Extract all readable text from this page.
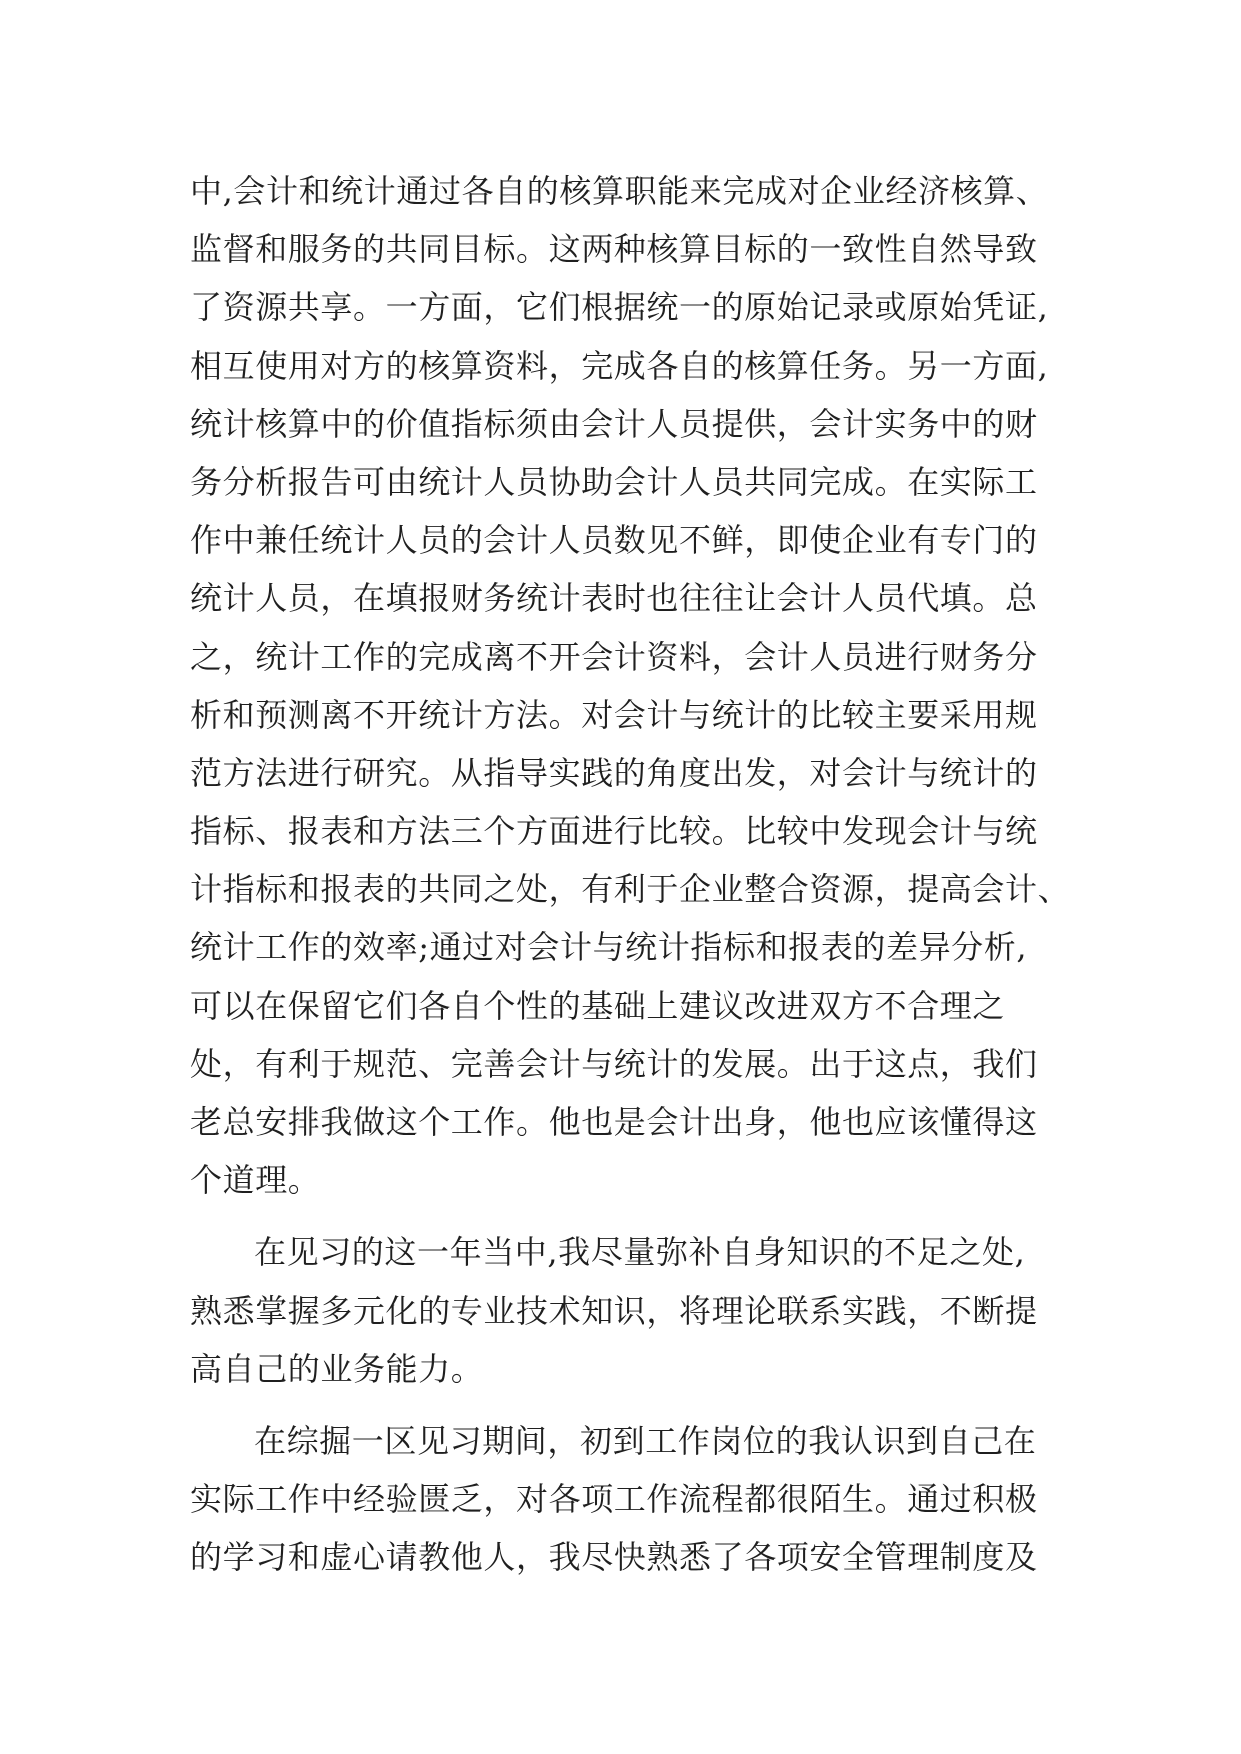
中,会计和统计通过各自的核算职能来完成对企业经济核算、
监督和服务的共同目标。这两种核算目标的一致性自然导致
了资源共享。一方面，它们根据统一的原始记录或原始凭证,
相互使用对方的核算资料，完成各自的核算任务。另一方面,
统计核算中的价值指标须由会计人员提供，会计实务中的财
务分析报告可由统计人员协助会计人员共同完成。在实际工
作中兼任统计人员的会计人员数见不鲜，即使企业有专门的
统计人员，在填报财务统计表时也往往让会计人员代填。总
之，统计工作的完成离不开会计资料，会计人员进行财务分
析和预测离不开统计方法。对会计与统计的比较主要采用规
范方法进行研究。从指导实践的角度出发，对会计与统计的
指标、报表和方法三个方面进行比较。比较中发现会计与统
计指标和报表的共同之处，有利于企业整合资源，提高会计、
统计工作的效率;通过对会计与统计指标和报表的差异分析,
可以在保留它们各自个性的基础上建议改进双方不合理之
处，有利于规范、完善会计与统计的发展。出于这点，我们
老总安排我做这个工作。他也是会计出身，他也应该懂得这
个道理。
在见习的这一年当中,我尽量弥补自身知识的不足之处,
熟悉掌握多元化的专业技术知识，将理论联系实践，不断提
高自己的业务能力。
在综掘一区见习期间，初到工作岗位的我认识到自己在
实际工作中经验匮乏，对各项工作流程都很陌生。通过积极
的学习和虚心请教他人，我尽快熟悉了各项安全管理制度及
